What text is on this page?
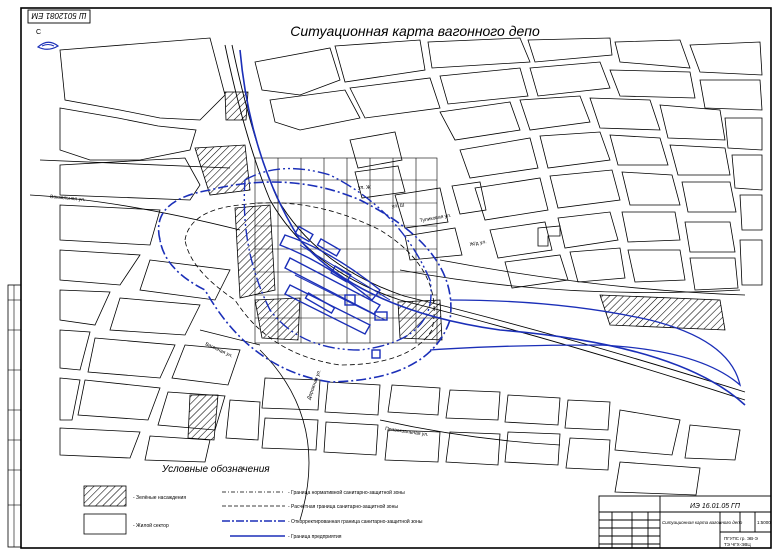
Ш 5012081 ЕМ
С	Ситуационная карта вагонного депо
Вокзальная ул.
ул. Ж
ул. Ш
Тупиковая ул.
Ж/д ул.
Вагонная ул.
Дорожная ул.
Привокзальная ул.
Условные обозначения
- Зелёные насаждения
- Жилой сектор
- Граница нормативной санитарно-защитной зоны
- Расчётная граница санитарно-защитной зоны
- Откорректированная граница санитарно-защитной зоны
- Граница предприятия
ИЭ 16.01.05 ГП
Ситуационная карта вагонного депо	1:5000
ПГУПС гр. ЭВ-Э
ТЭ ЧГХ-ЭВЦ
